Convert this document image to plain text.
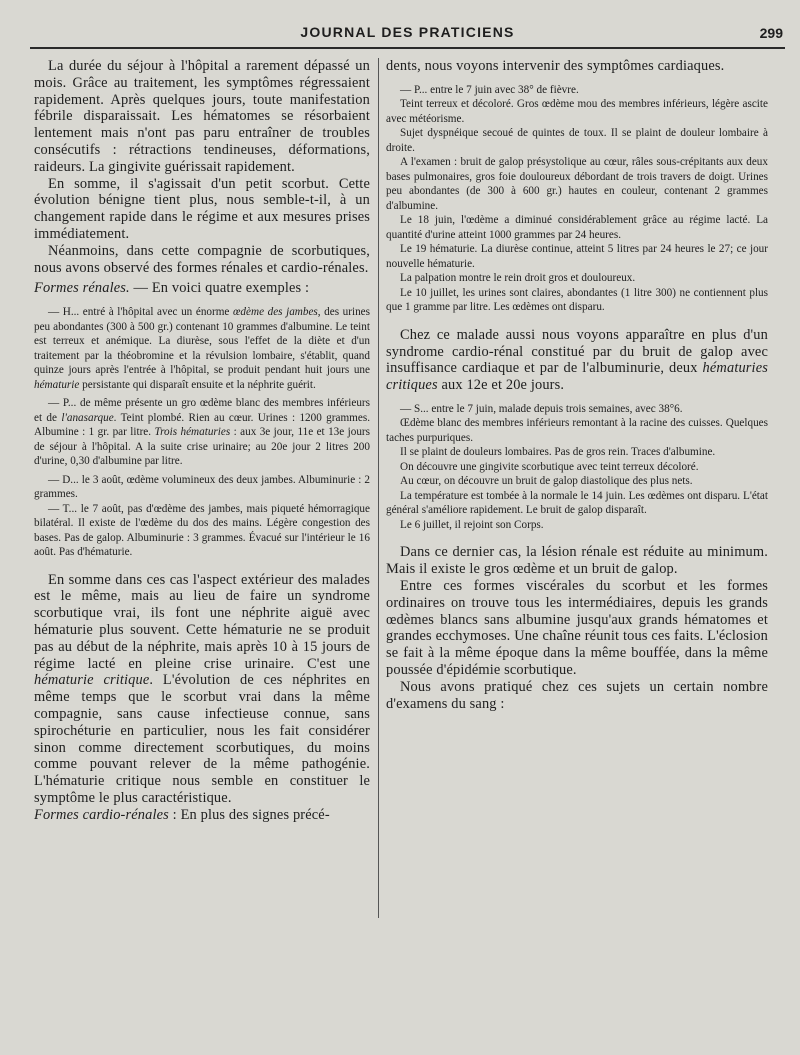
JOURNAL DES PRATICIENS	299

La durée du séjour à l'hôpital a rarement dépassé un mois. Grâce au traitement, les symptômes régressaient rapidement. Après quelques jours, toute manifestation fébrile disparaissait. Les hématomes se résorbaient lentement mais n'ont pas paru entraîner de troubles consécutifs : rétractions tendineuses, déformations, raideurs. La gingivite guérissait rapidement.

En somme, il s'agissait d'un petit scorbut. Cette évolution bénigne tient plus, nous semble-t-il, à un changement rapide dans le régime et aux mesures prises immédiatement.

Néanmoins, dans cette compagnie de scorbutiques, nous avons observé des formes rénales et cardio-rénales.

Formes rénales. — En voici quatre exemples :

— H... entré à l'hôpital avec un énorme œdème des jambes, des urines peu abondantes (300 à 500 gr.) contenant 10 grammes d'albumine. Le teint est terreux et anémique. La diurèse, sous l'effet de la diète et d'un traitement par la théobromine et la révulsion lombaire, s'établit, quand quinze jours après l'entrée à l'hôpital, se produit pendant huit jours une hématurie persistante qui disparaît ensuite et la néphrite guérit.

— P... de même présente un gro œdème blanc des membres inférieurs et de l'anasarque. Teint plombé. Rien au cœur. Urines : 1200 grammes. Albumine : 1 gr. par litre. Trois hématuries : aux 3e jour, 11e et 13e jours de séjour à l'hôpital. A la suite crise urinaire; au 20e jour 2 litres 200 d'urine, 0,30 d'albumine par litre.

— D... le 3 août, œdème volumineux des deux jambes. Albuminurie : 2 grammes.

— T... le 7 août, pas d'œdème des jambes, mais piqueté hémorragique bilatéral. Il existe de l'œdème du dos des mains. Légère congestion des bases. Pas de galop. Albuminurie : 3 grammes. Évacué sur l'intérieur le 16 août. Pas d'hématurie.

En somme dans ces cas l'aspect extérieur des malades est le même, mais au lieu de faire un syndrome scorbutique vrai, ils font une néphrite aiguë avec hématurie plus souvent. Cette hématurie ne se produit pas au début de la néphrite, mais après 10 à 15 jours de régime lacté en pleine crise urinaire. C'est une hématurie critique. L'évolution de ces néphrites en même temps que le scorbut vrai dans la même compagnie, sans cause infectieuse connue, sans spirochéturie en particulier, nous les fait considérer sinon comme directement scorbutiques, du moins comme pouvant relever de la même pathogénie. L'hématurie critique nous semble en constituer le symptôme le plus caractéristique.

Formes cardio-rénales : En plus des signes précé-

dents, nous voyons intervenir des symptômes cardiaques.

— P... entre le 7 juin avec 38° de fièvre.

Teint terreux et décoloré. Gros œdème mou des membres inférieurs, légère ascite avec météorisme.

Sujet dyspnéique secoué de quintes de toux. Il se plaint de douleur lombaire à droite.

A l'examen : bruit de galop présystolique au cœur, râles sous-crépitants aux deux bases pulmonaires, gros foie douloureux débordant de trois travers de doigt. Urines peu abondantes (de 300 à 600 gr.) hautes en couleur, contenant 2 grammes d'albumine.

Le 18 juin, l'œdème a diminué considérablement grâce au régime lacté. La quantité d'urine atteint 1000 grammes par 24 heures.

Le 19 hématurie. La diurèse continue, atteint 5 litres par 24 heures le 27; ce jour nouvelle hématurie.

La palpation montre le rein droit gros et douloureux.

Le 10 juillet, les urines sont claires, abondantes (1 litre 300) ne contiennent plus que 1 gramme par litre. Les œdèmes ont disparu.

Chez ce malade aussi nous voyons apparaître en plus d'un syndrome cardio-rénal constitué par du bruit de galop avec insuffisance cardiaque et par de l'albuminurie, deux hématuries critiques aux 12e et 20e jours.

— S... entre le 7 juin, malade depuis trois semaines, avec 38°6.

Œdème blanc des membres inférieurs remontant à la racine des cuisses. Quelques taches purpuriques.

Il se plaint de douleurs lombaires. Pas de gros rein. Traces d'albumine.

On découvre une gingivite scorbutique avec teint terreux décoloré.

Au cœur, on découvre un bruit de galop diastolique des plus nets.

La température est tombée à la normale le 14 juin. Les œdèmes ont disparu. L'état général s'améliore rapidement. Le bruit de galop disparaît.

Le 6 juillet, il rejoint son Corps.

Dans ce dernier cas, la lésion rénale est réduite au minimum. Mais il existe le gros œdème et un bruit de galop.

Entre ces formes viscérales du scorbut et les formes ordinaires on trouve tous les intermédiaires, depuis les grands œdèmes blancs sans albumine jusqu'aux grands hématomes et grandes ecchymoses. Une chaîne réunit tous ces faits. L'éclosion se fait à la même époque dans la même bouffée, dans la même poussée d'épidémie scorbutique.

Nous avons pratiqué chez ces sujets un certain nombre d'examens du sang :
